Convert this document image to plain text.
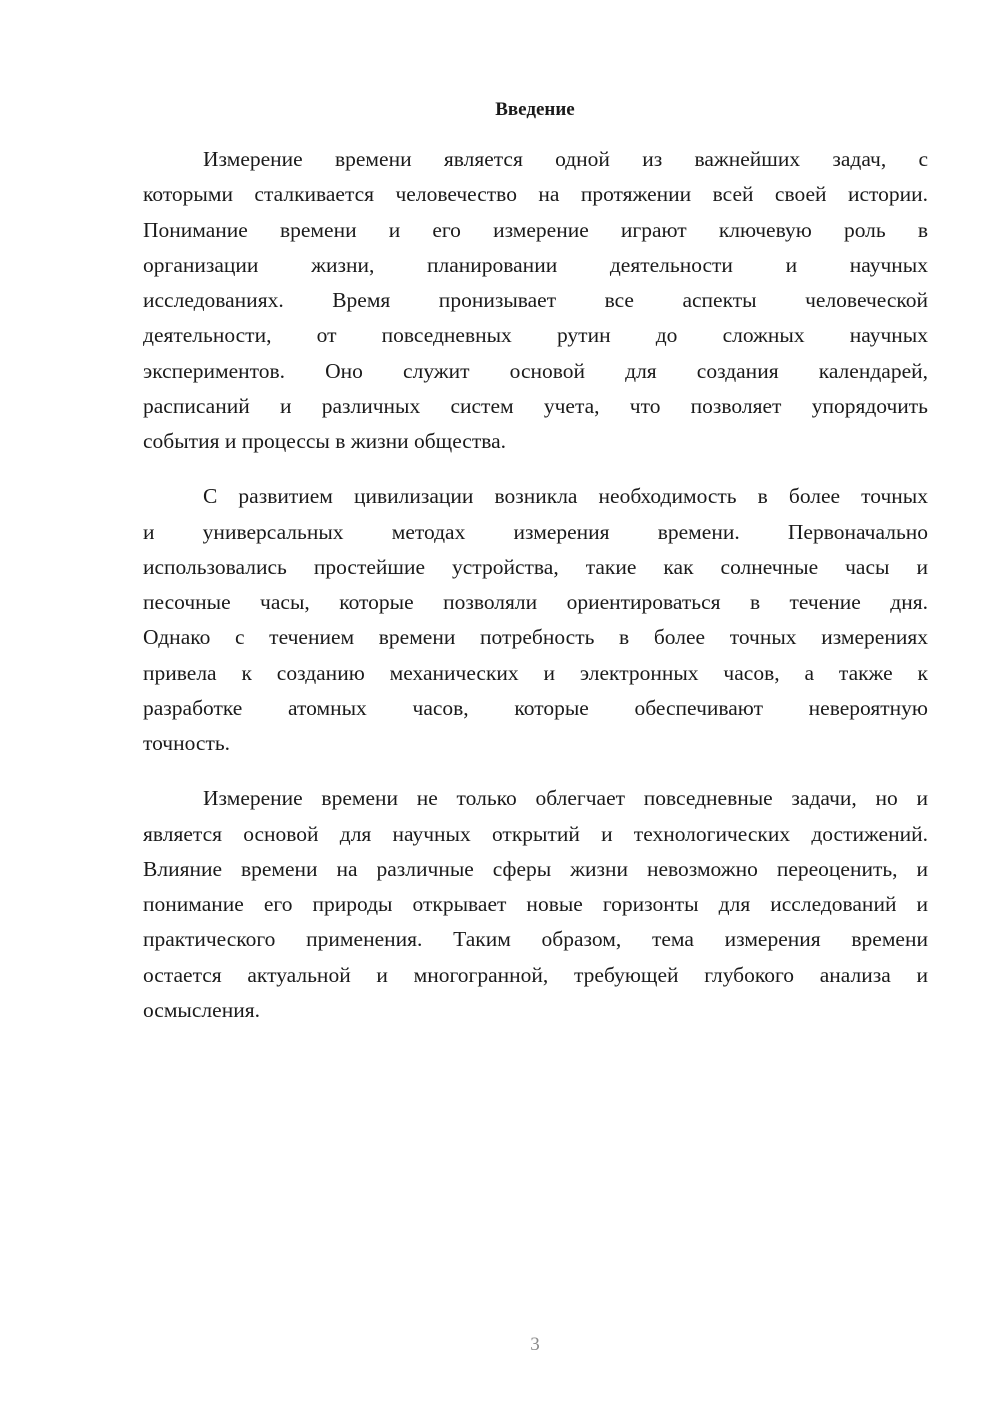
Введение
Измерение времени является одной из важнейших задач, с
которыми сталкивается человечество на протяжении всей своей истории.
Понимание времени и его измерение играют ключевую роль в
организации жизни, планировании деятельности и научных
исследованиях. Время пронизывает все аспекты человеческой
деятельности, от повседневных рутин до сложных научных
экспериментов. Оно служит основой для создания календарей,
расписаний и различных систем учета, что позволяет упорядочить
события и процессы в жизни общества.
С развитием цивилизации возникла необходимость в более точных
и универсальных методах измерения времени. Первоначально
использовались простейшие устройства, такие как солнечные часы и
песочные часы, которые позволяли ориентироваться в течение дня.
Однако с течением времени потребность в более точных измерениях
привела к созданию механических и электронных часов, а также к
разработке атомных часов, которые обеспечивают невероятную
точность.
Измерение времени не только облегчает повседневные задачи, но и
является основой для научных открытий и технологических достижений.
Влияние времени на различные сферы жизни невозможно переоценить, и
понимание его природы открывает новые горизонты для исследований и
практического применения. Таким образом, тема измерения времени
остается актуальной и многогранной, требующей глубокого анализа и
осмысления.
3
